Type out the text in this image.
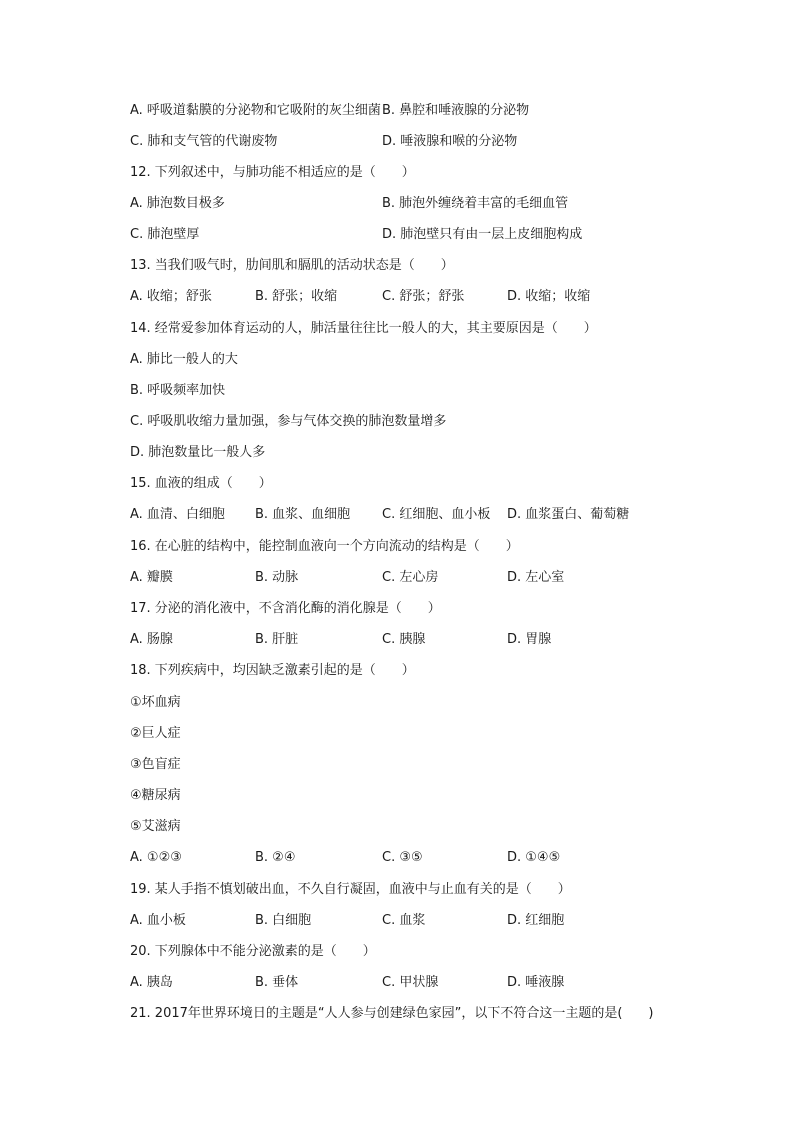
A. 呼吸道黏膜的分泌物和它吸附的灰尘细菌 B. 鼻腔和唾液腺的分泌物
C. 肺和支气管的代谢废物	D. 唾液腺和喉的分泌物
12. 下列叙述中，与肺功能不相适应的是（　　）
A. 肺泡数目极多	B. 肺泡外缠绕着丰富的毛细血管
C. 肺泡壁厚	D. 肺泡壁只有由一层上皮细胞构成
13. 当我们吸气时，肋间肌和膈肌的活动状态是（　　）
A. 收缩；舒张	B. 舒张；收缩	C. 舒张；舒张	D. 收缩；收缩
14. 经常爱参加体育运动的人，肺活量往往比一般人的大，其主要原因是（　　）
A. 肺比一般人的大
B. 呼吸频率加快
C. 呼吸肌收缩力量加强，参与气体交换的肺泡数量增多
D. 肺泡数量比一般人多
15. 血液的组成（　　）
A. 血清、白细胞 B. 血浆、血细胞 C. 红细胞、血小板 D. 血浆蛋白、葡萄糖
16. 在心脏的结构中，能控制血液向一个方向流动的结构是（　　）
A. 瓣膜	B. 动脉	C. 左心房	D. 左心室
17. 分泌的消化液中，不含消化酶的消化腺是（　　）
A. 肠腺	B. 肝脏	C. 胰腺	D. 胃腺
18. 下列疾病中，均因缺乏激素引起的是（　　）
①坏血病
②巨人症
③色盲症
④糖尿病
⑤艾滋病
A. ①②③	B. ②④	C. ③⑤	D. ①④⑤
19. 某人手指不慎划破出血，不久自行凝固，血液中与止血有关的是（　　）
A. 血小板	B. 白细胞	C. 血浆	D. 红细胞
20. 下列腺体中不能分泌激素的是（　　）
A. 胰岛	B. 垂体	C. 甲状腺	D. 唾液腺
21. 2017年世界环境日的主题是“人人参与创建绿色家园”，以下不符合这一主题的是(　　)
